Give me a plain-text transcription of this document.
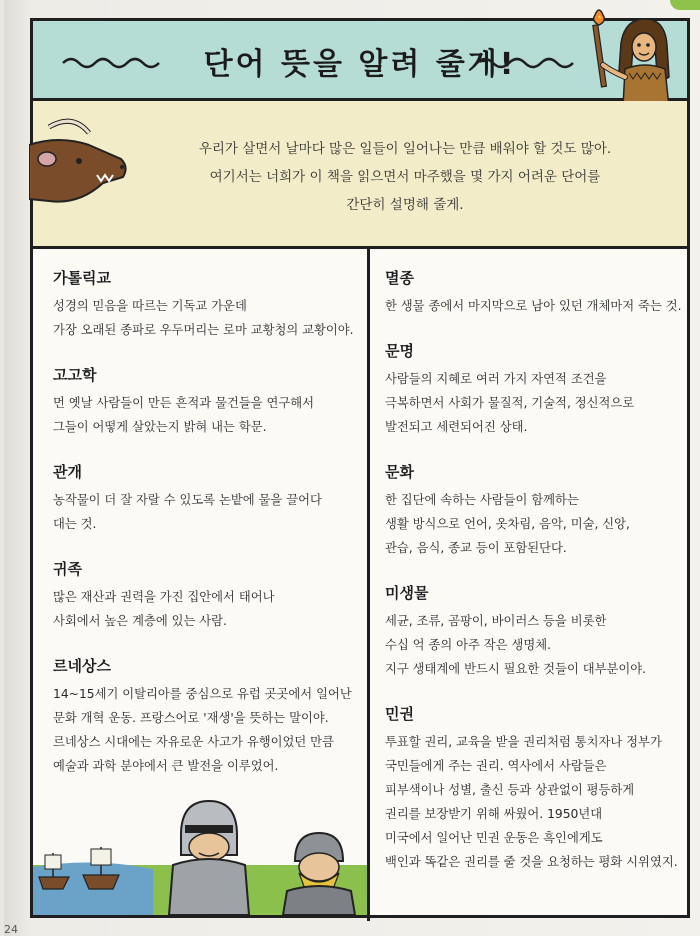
단어 뜻을 알려 줄게!
우리가 살면서 날마다 많은 일들이 일어나는 만큼 배워야 할 것도 많아.
여기서는 너희가 이 책을 읽으면서 마주했을 몇 가지 어려운 단어를
간단히 설명해 줄게.

가톨릭교

성경의 믿음을 따르는 기독교 가운데
가장 오래된 종파로 우두머리는 로마 교황청의 교황이야.

고고학

먼 옛날 사람들이 만든 흔적과 물건들을 연구해서
그들이 어떻게 살았는지 밝혀 내는 학문.

관개

농작물이 더 잘 자랄 수 있도록 논밭에 물을 끌어다
대는 것.

귀족

많은 재산과 권력을 가진 집안에서 태어나
사회에서 높은 계층에 있는 사람.

르네상스

14~15세기 이탈리아를 중심으로 유럽 곳곳에서 일어난
문화 개혁 운동. 프랑스어로 '재생'을 뜻하는 말이야.
르네상스 시대에는 자유로운 사고가 유행이었던 만큼
예술과 과학 분야에서 큰 발전을 이루었어.

멸종

한 생물 종에서 마지막으로 남아 있던 개체마저 죽는 것.

문명

사람들의 지혜로 여러 가지 자연적 조건을
극복하면서 사회가 물질적, 기술적, 정신적으로
발전되고 세련되어진 상태.

문화

한 집단에 속하는 사람들이 함께하는
생활 방식으로 언어, 옷차림, 음악, 미술, 신앙,
관습, 음식, 종교 등이 포함된단다.

미생물

세균, 조류, 곰팡이, 바이러스 등을 비롯한
수십 억 종의 아주 작은 생명체.
지구 생태계에 반드시 필요한 것들이 대부분이야.

민권

투표할 권리, 교육을 받을 권리처럼 통치자나 정부가
국민들에게 주는 권리. 역사에서 사람들은
피부색이나 성별, 출신 등과 상관없이 평등하게
권리를 보장받기 위해 싸웠어. 1950년대
미국에서 일어난 민권 운동은 흑인에게도
백인과 똑같은 권리를 줄 것을 요청하는 평화 시위였지.

24
